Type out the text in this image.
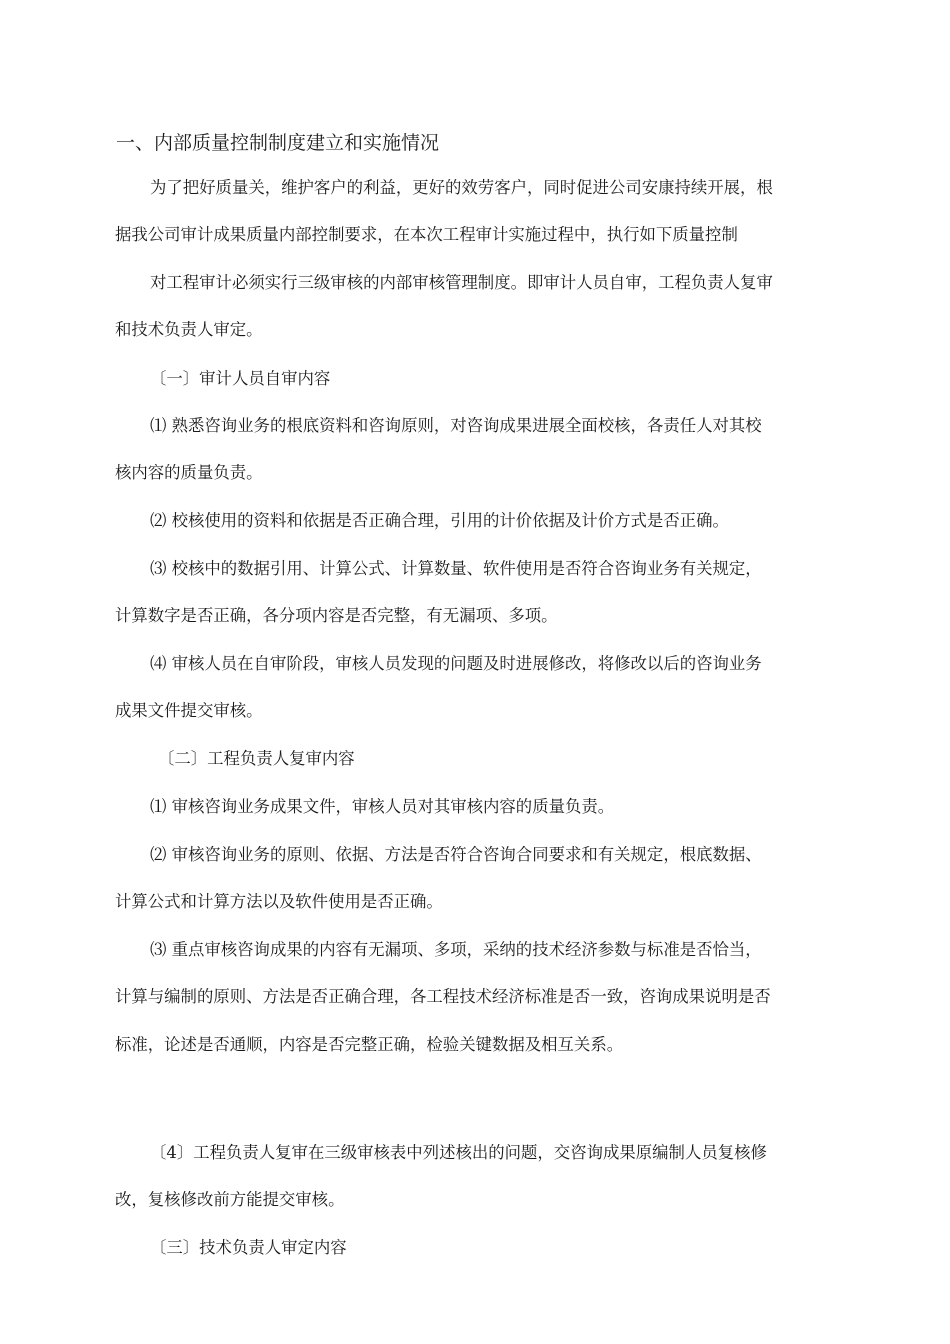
一、内部质量控制制度建立和实施情况
为了把好质量关，维护客户的利益，更好的效劳客户，同时促进公司安康持续开展，根
据我公司审计成果质量内部控制要求，在本次工程审计实施过程中，执行如下质量控制
对工程审计必须实行三级审核的内部审核管理制度。即审计人员自审，工程负责人复审
和技术负责人审定。
〔一〕审计人员自审内容
⑴ 熟悉咨询业务的根底资料和咨询原则，对咨询成果进展全面校核，各责任人对其校
核内容的质量负责。
⑵ 校核使用的资料和依据是否正确合理，引用的计价依据及计价方式是否正确。
⑶ 校核中的数据引用、计算公式、计算数量、软件使用是否符合咨询业务有关规定，
计算数字是否正确，各分项内容是否完整，有无漏项、多项。
⑷ 审核人员在自审阶段，审核人员发现的问题及时进展修改，将修改以后的咨询业务
成果文件提交审核。
〔二〕工程负责人复审内容
⑴ 审核咨询业务成果文件，审核人员对其审核内容的质量负责。
⑵ 审核咨询业务的原则、依据、方法是否符合咨询合同要求和有关规定，根底数据、
计算公式和计算方法以及软件使用是否正确。
⑶ 重点审核咨询成果的内容有无漏项、多项，采纳的技术经济参数与标准是否恰当，
计算与编制的原则、方法是否正确合理，各工程技术经济标准是否一致，咨询成果说明是否
标准，论述是否通顺，内容是否完整正确，检验关键数据及相互关系。
〔4〕工程负责人复审在三级审核表中列述核出的问题，交咨询成果原编制人员复核修
改，复核修改前方能提交审核。
〔三〕技术负责人审定内容
